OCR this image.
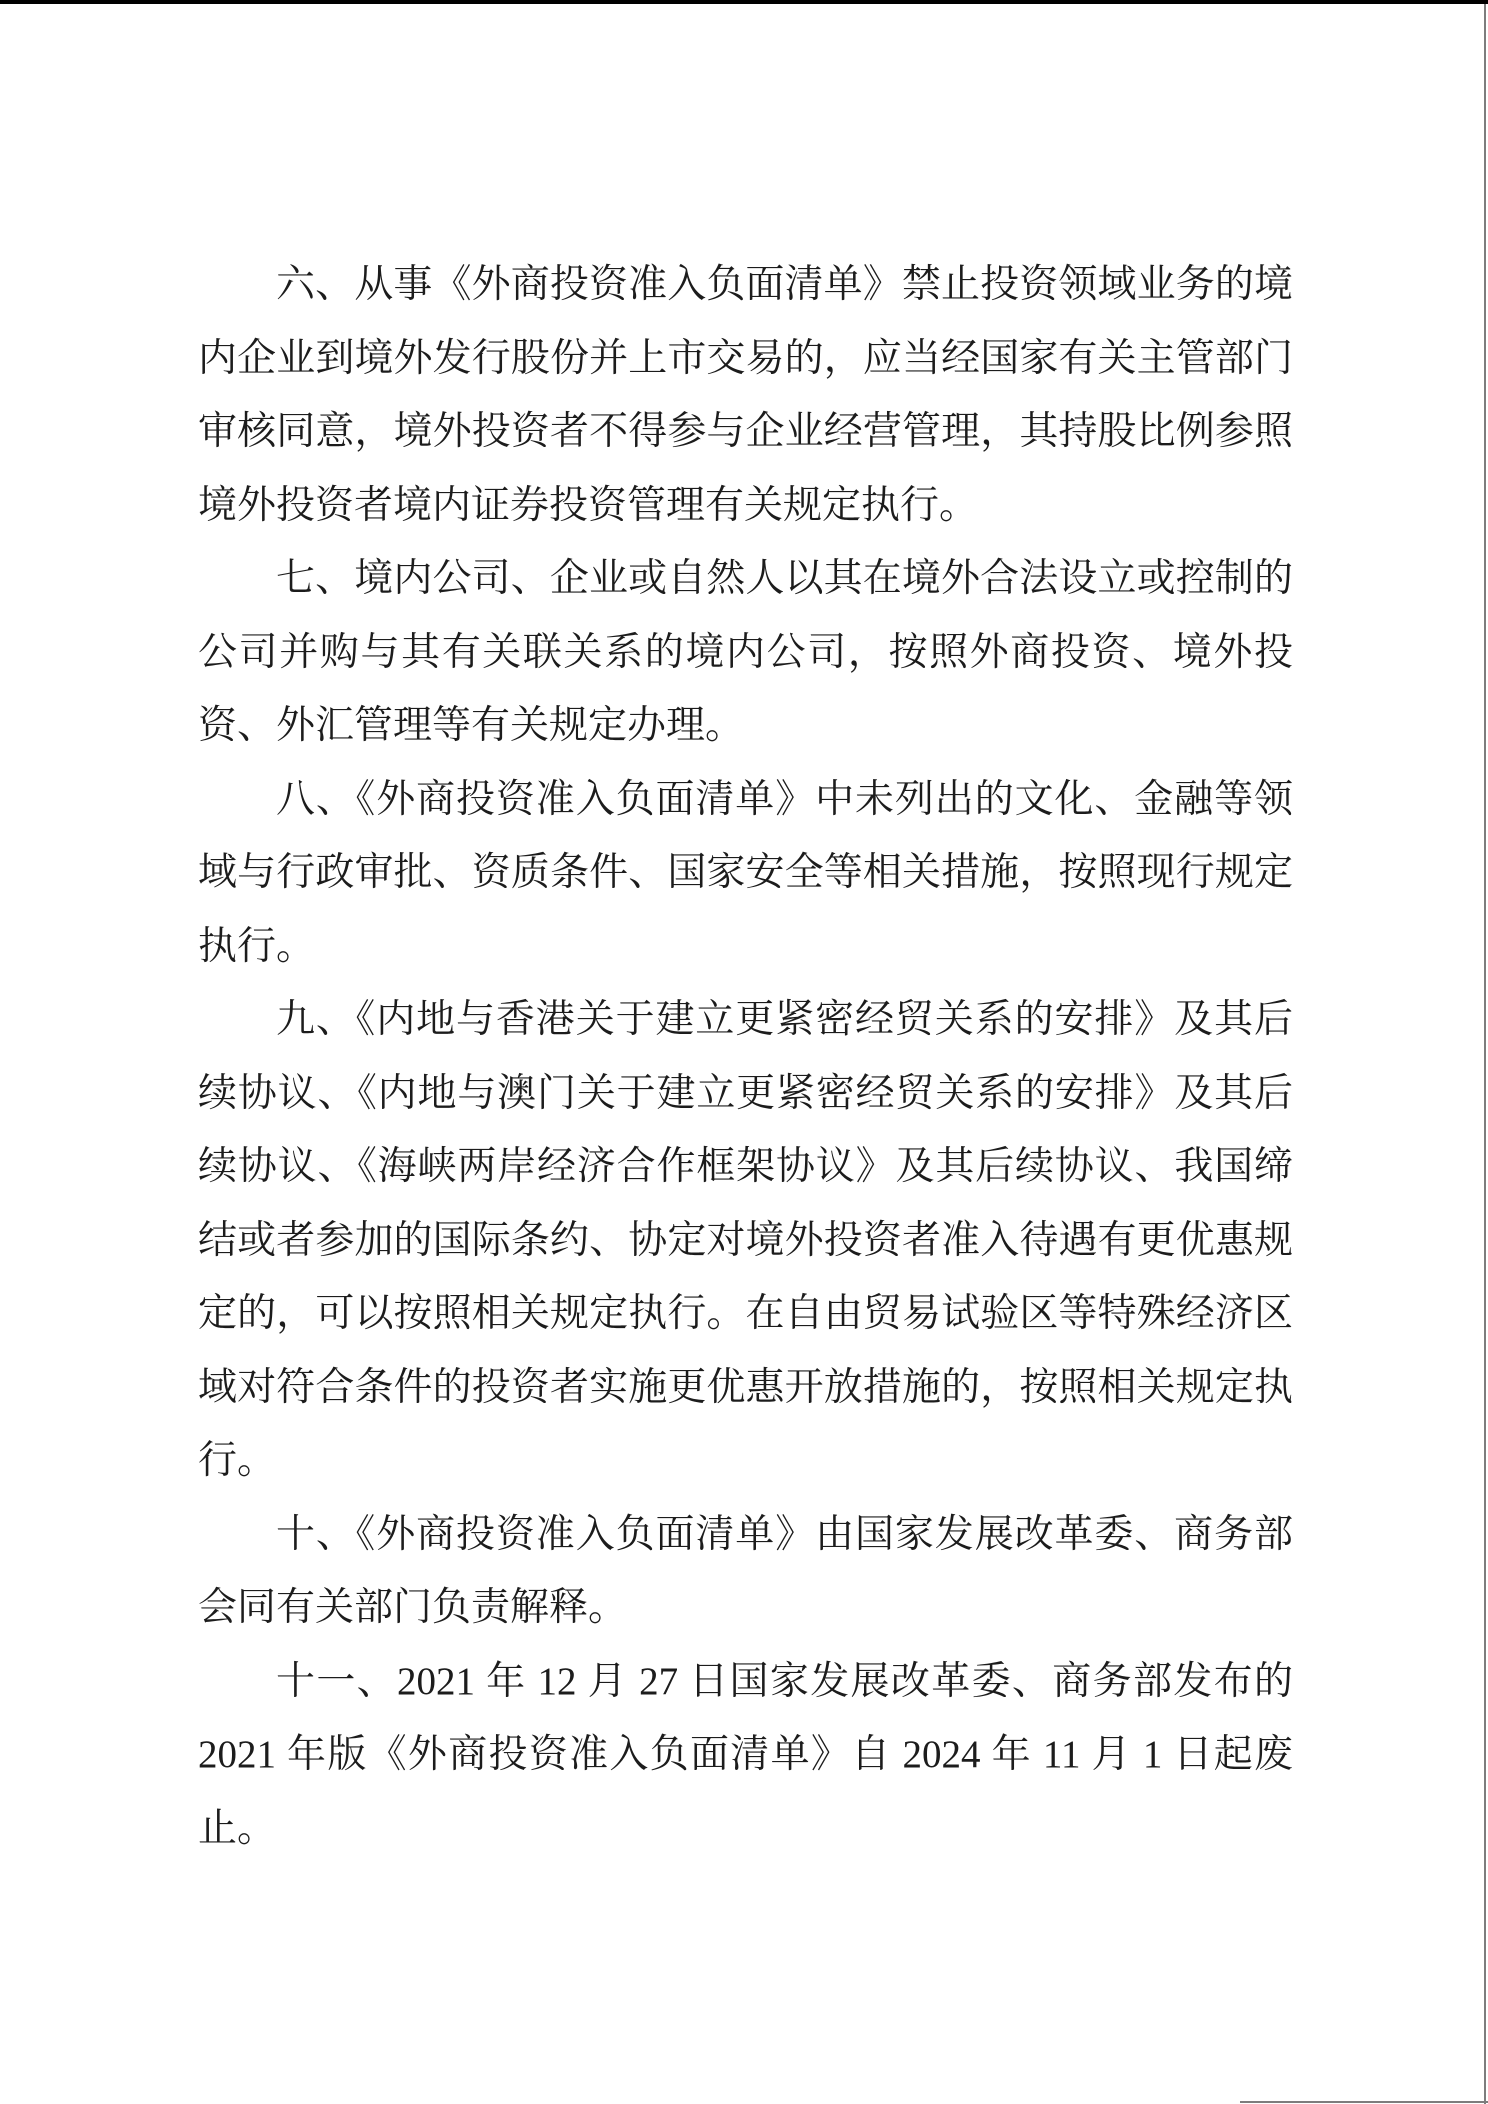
六、从事《外商投资准入负面清单》禁止投资领域业务的境内企业到境外发行股份并上市交易的，应当经国家有关主管部门审核同意，境外投资者不得参与企业经营管理，其持股比例参照境外投资者境内证券投资管理有关规定执行。

七、境内公司、企业或自然人以其在境外合法设立或控制的公司并购与其有关联关系的境内公司，按照外商投资、境外投资、外汇管理等有关规定办理。

八、《外商投资准入负面清单》中未列出的文化、金融等领域与行政审批、资质条件、国家安全等相关措施，按照现行规定执行。

九、《内地与香港关于建立更紧密经贸关系的安排》及其后续协议、《内地与澳门关于建立更紧密经贸关系的安排》及其后续协议、《海峡两岸经济合作框架协议》及其后续协议、我国缔结或者参加的国际条约、协定对境外投资者准入待遇有更优惠规定的，可以按照相关规定执行。在自由贸易试验区等特殊经济区域对符合条件的投资者实施更优惠开放措施的，按照相关规定执行。

十、《外商投资准入负面清单》由国家发展改革委、商务部会同有关部门负责解释。

十一、2021 年 12 月 27 日国家发展改革委、商务部发布的 2021 年版《外商投资准入负面清单》自 2024 年 11 月 1 日起废止。
